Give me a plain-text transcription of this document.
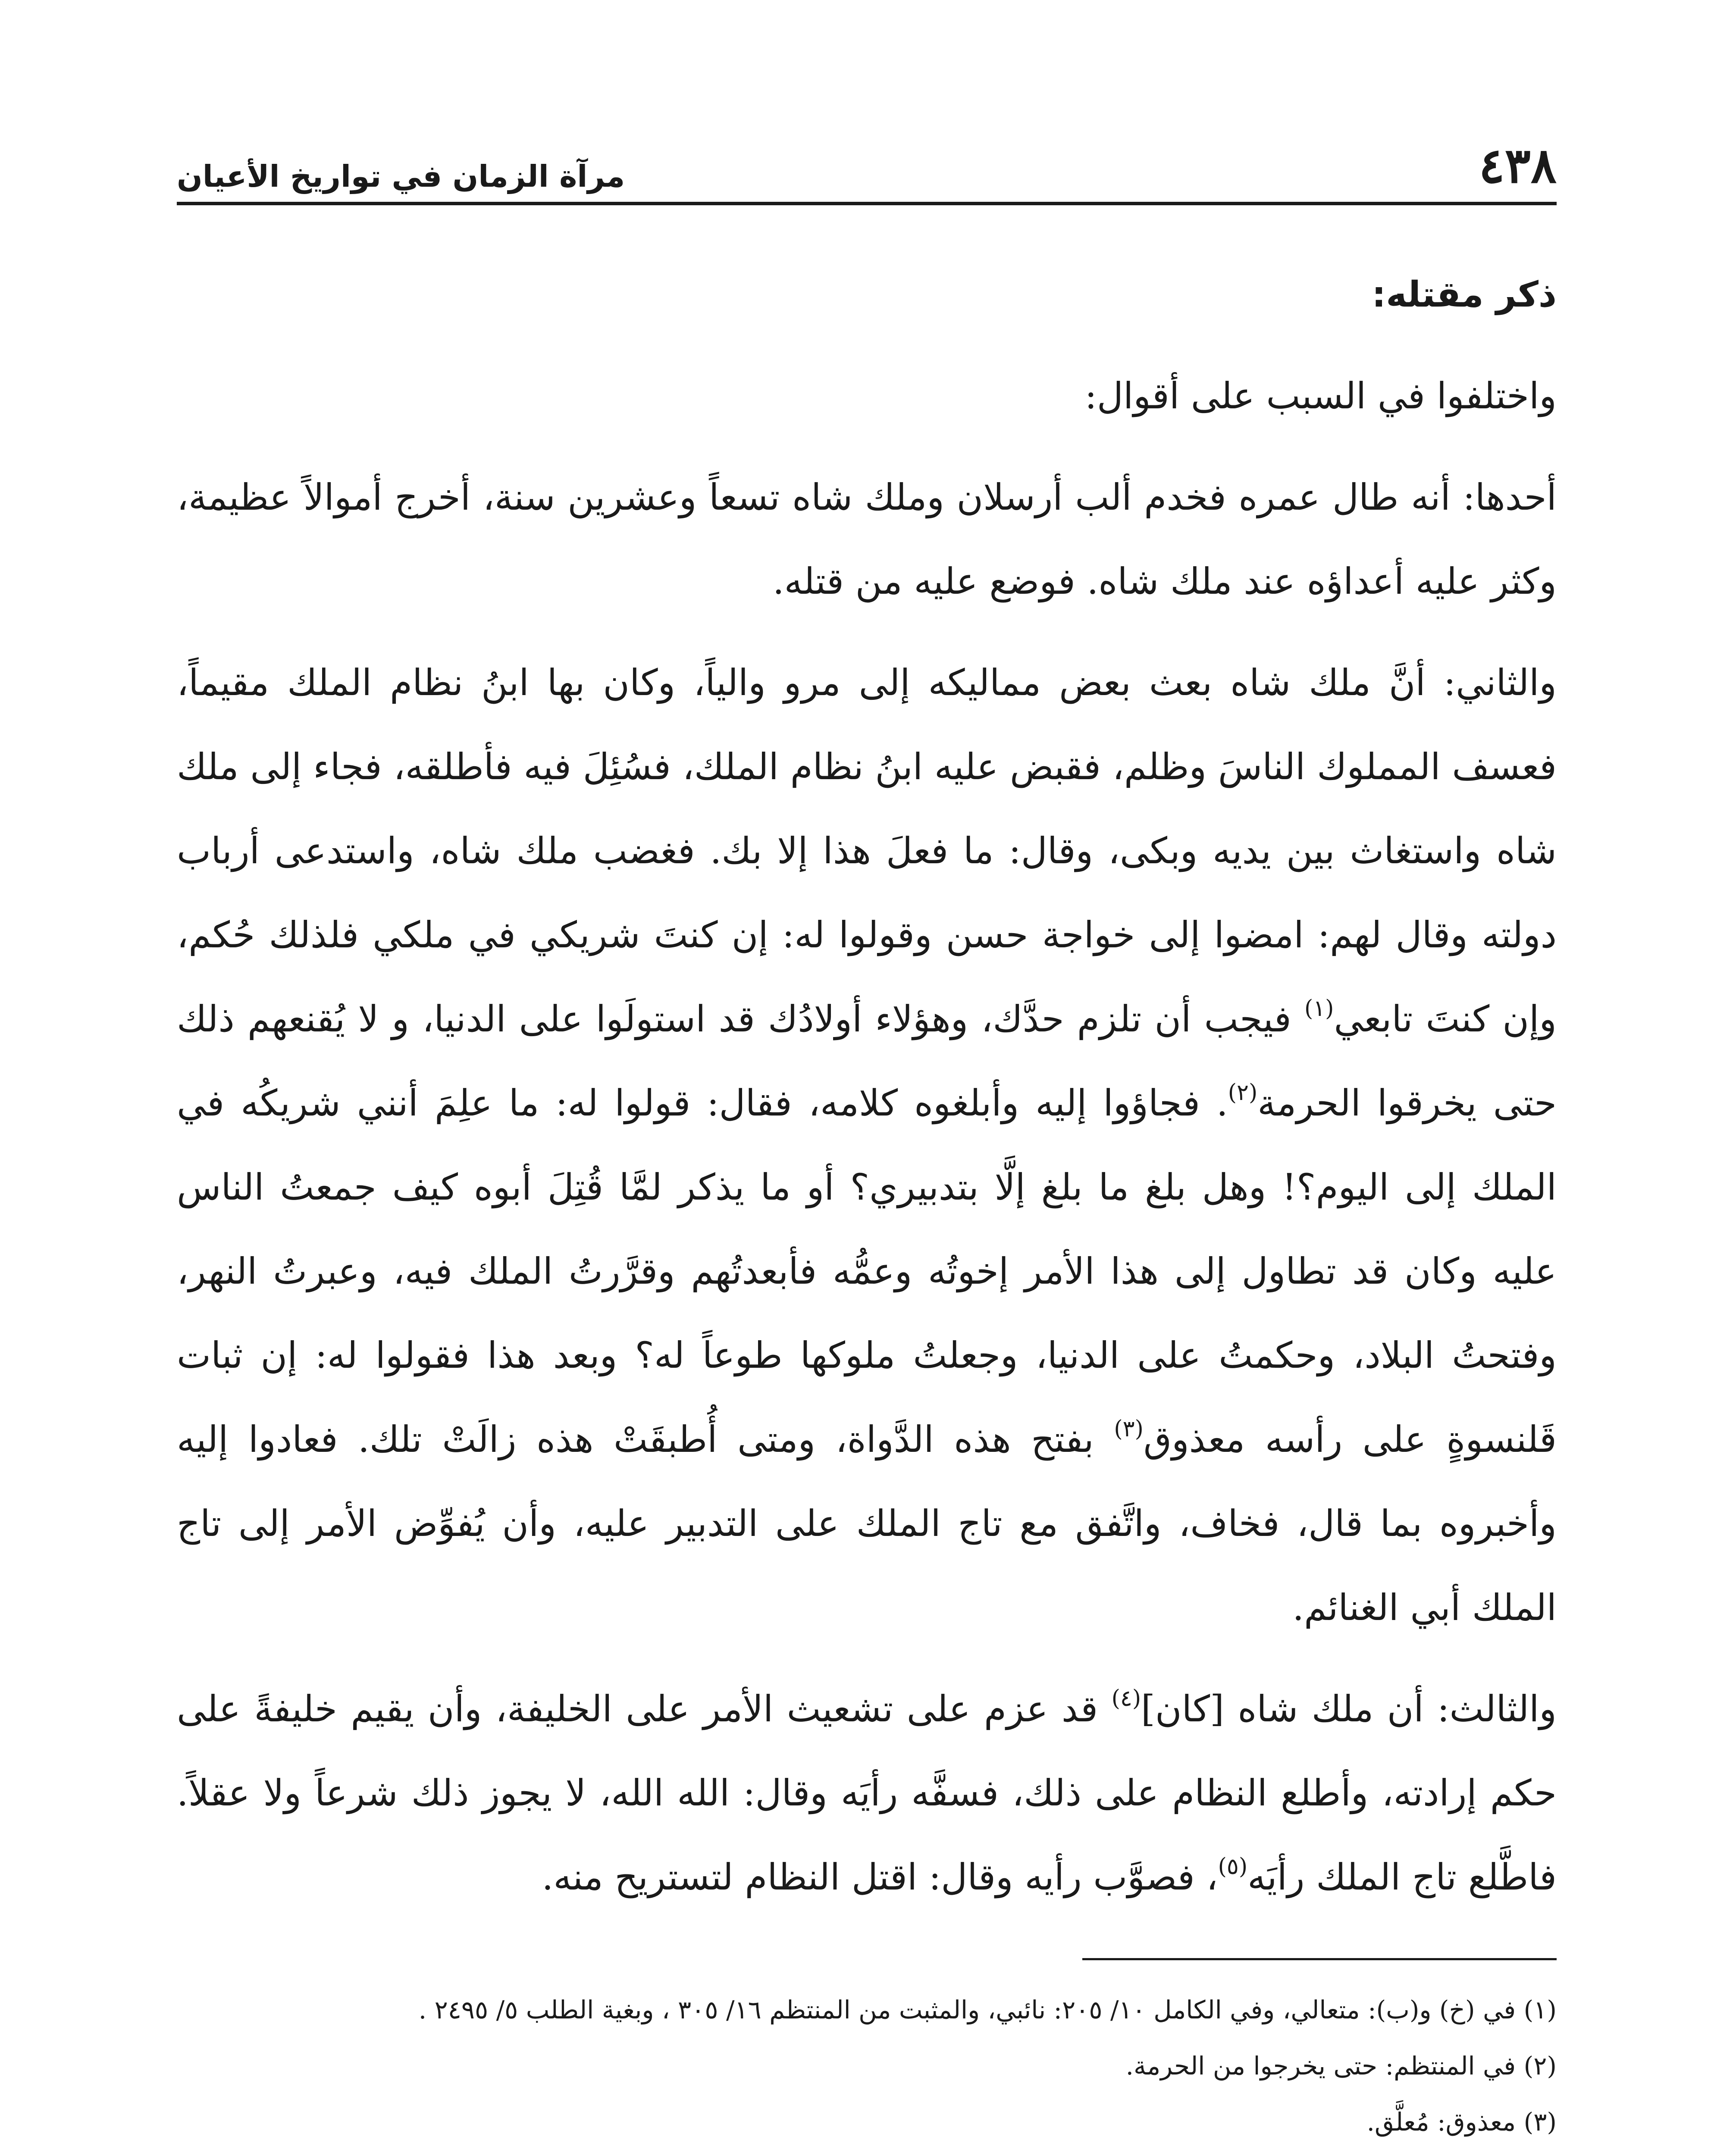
٤٣٨
مرآة الزمان في تواريخ الأعيان

ذكر مقتله:

واختلفوا في السبب على أقوال:

أحدها: أنه طال عمره فخدم ألب أرسلان وملك شاه تسعاً وعشرين سنة، أخرج أموالاً عظيمة، وكثر عليه أعداؤه عند ملك شاه. فوضع عليه من قتله.

والثاني: أنَّ ملك شاه بعث بعض مماليكه إلى مرو والياً، وكان بها ابنُ نظام الملك مقيماً، فعسف المملوك الناسَ وظلم، فقبض عليه ابنُ نظام الملك، فسُئِلَ فيه فأطلقه، فجاء إلى ملك شاه واستغاث بين يديه وبكى، وقال: ما فعلَ هذا إلا بك. فغضب ملك شاه، واستدعى أرباب دولته وقال لهم: امضوا إلى خواجة حسن وقولوا له: إن كنتَ شريكي في ملكي فلذلك حُكم، وإن كنتَ تابعي$^{(١)}$ فيجب أن تلزم حدَّك، وهؤلاء أولادُك قد استولَوا على الدنيا، و لا يُقنعهم ذلك حتى يخرقوا الحرمة$^{(٢)}$. فجاؤوا إليه وأبلغوه كلامه، فقال: قولوا له: ما علِمَ أنني شريكُه في الملك إلى اليوم؟! وهل بلغ ما بلغ إلَّا بتدبيري؟ أو ما يذكر لمَّا قُتِلَ أبوه كيف جمعتُ الناس عليه وكان قد تطاول إلى هذا الأمر إخوتُه وعمُّه فأبعدتُهم وقرَّرتُ الملك فيه، وعبرتُ النهر، وفتحتُ البلاد، وحكمتُ على الدنيا، وجعلتُ ملوكها طوعاً له؟ وبعد هذا فقولوا له: إن ثبات قَلنسوةٍ على رأسه معذوق$^{(٣)}$ بفتح هذه الدَّواة، ومتى أُطبقَتْ هذه زالَتْ تلك. فعادوا إليه وأخبروه بما قال، فخاف، واتَّفق مع تاج الملك على التدبير عليه، وأن يُفوِّض الأمر إلى تاج الملك أبي الغنائم.

والثالث: أن ملك شاه [كان]$^{(٤)}$ قد عزم على تشعيث الأمر على الخليفة، وأن يقيم خليفةً على حكم إرادته، وأطلع النظام على ذلك، فسفَّه رأيَه وقال: الله الله، لا يجوز ذلك شرعاً ولا عقلاً. فاطَّلع تاج الملك رأيَه$^{(٥)}$، فصوَّب رأيه وقال: اقتل النظام لتستريح منه.

(١) في (خ) و(ب): متعالي، وفي الكامل ١٠/ ٢٠٥: نائبي، والمثبت من المنتظم ١٦/ ٣٠٥ ، وبغية الطلب ٥/ ٢٤٩٥ .
(٢) في المنتظم: حتى يخرجوا من الحرمة.
(٣) معذوق: مُعلَّق.
